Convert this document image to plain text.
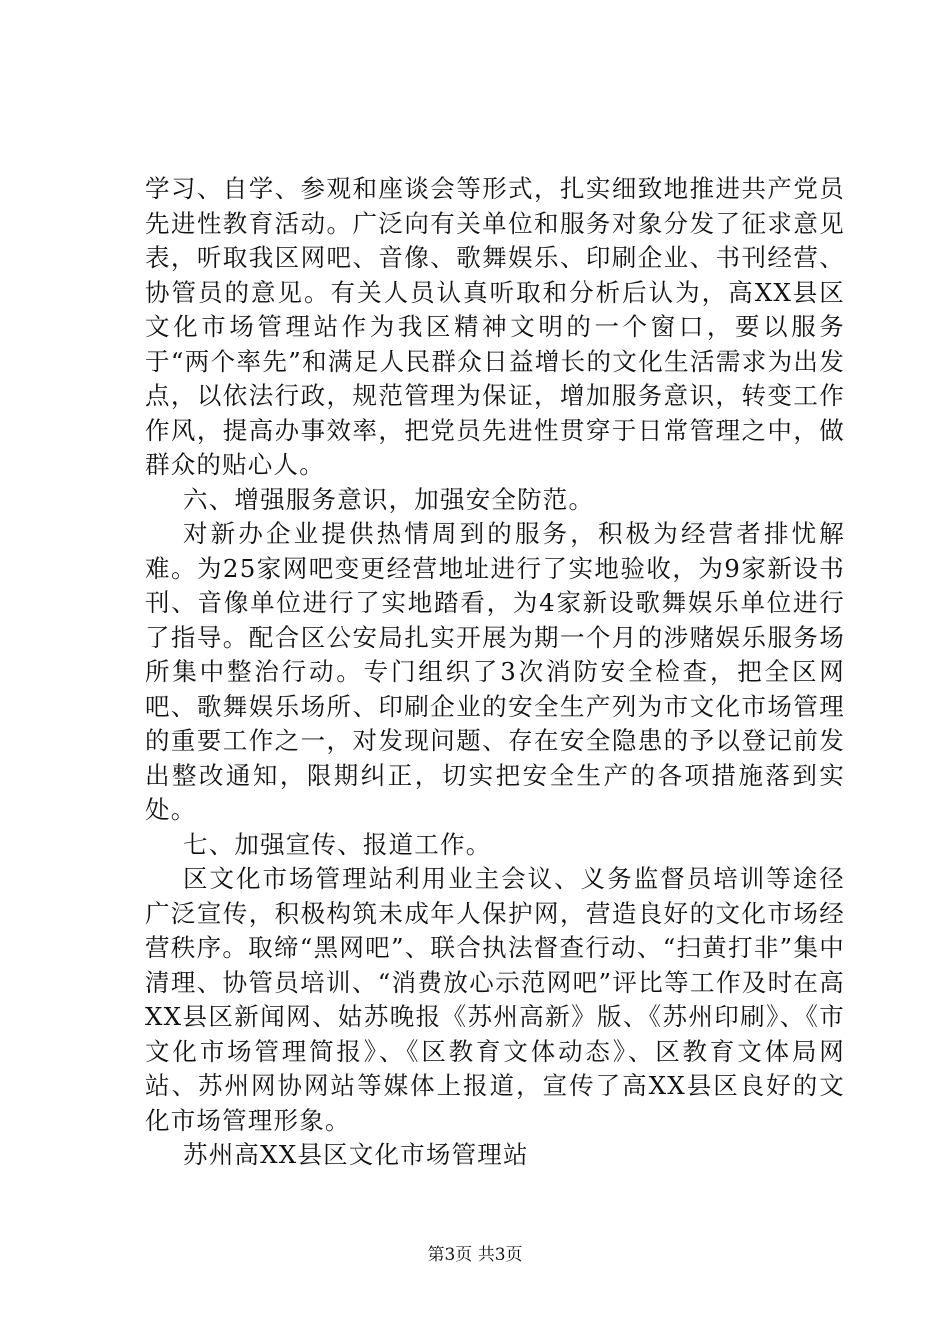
学习、自学、参观和座谈会等形式，扎实细致地推进共产党员先进性教育活动。广泛向有关单位和服务对象分发了征求意见表，听取我区网吧、音像、歌舞娱乐、印刷企业、书刊经营、协管员的意见。有关人员认真听取和分析后认为，高XX县区文化市场管理站作为我区精神文明的一个窗口，要以服务于“两个率先”和满足人民群众日益增长的文化生活需求为出发点，以依法行政，规范管理为保证，增加服务意识，转变工作作风，提高办事效率，把党员先进性贯穿于日常管理之中，做群众的贴心人。

六、增强服务意识，加强安全防范。

对新办企业提供热情周到的服务，积极为经营者排忧解难。为25家网吧变更经营地址进行了实地验收，为9家新设书刊、音像单位进行了实地踏看，为4家新设歌舞娱乐单位进行了指导。配合区公安局扎实开展为期一个月的涉赌娱乐服务场所集中整治行动。专门组织了3次消防安全检查，把全区网吧、歌舞娱乐场所、印刷企业的安全生产列为市文化市场管理的重要工作之一，对发现问题、存在安全隐患的予以登记前发出整改通知，限期纠正，切实把安全生产的各项措施落到实处。

七、加强宣传、报道工作。

区文化市场管理站利用业主会议、义务监督员培训等途径广泛宣传，积极构筑未成年人保护网，营造良好的文化市场经营秩序。取缔“黑网吧”、联合执法督查行动、“扫黄打非”集中清理、协管员培训、“消费放心示范网吧”评比等工作及时在高XX县区新闻网、姑苏晚报《苏州高新》版、《苏州印刷》、《市文化市场管理简报》、《区教育文体动态》、区教育文体局网站、苏州网协网站等媒体上报道，宣传了高XX县区良好的文化市场管理形象。

苏州高XX县区文化市场管理站

第3页 共3页
